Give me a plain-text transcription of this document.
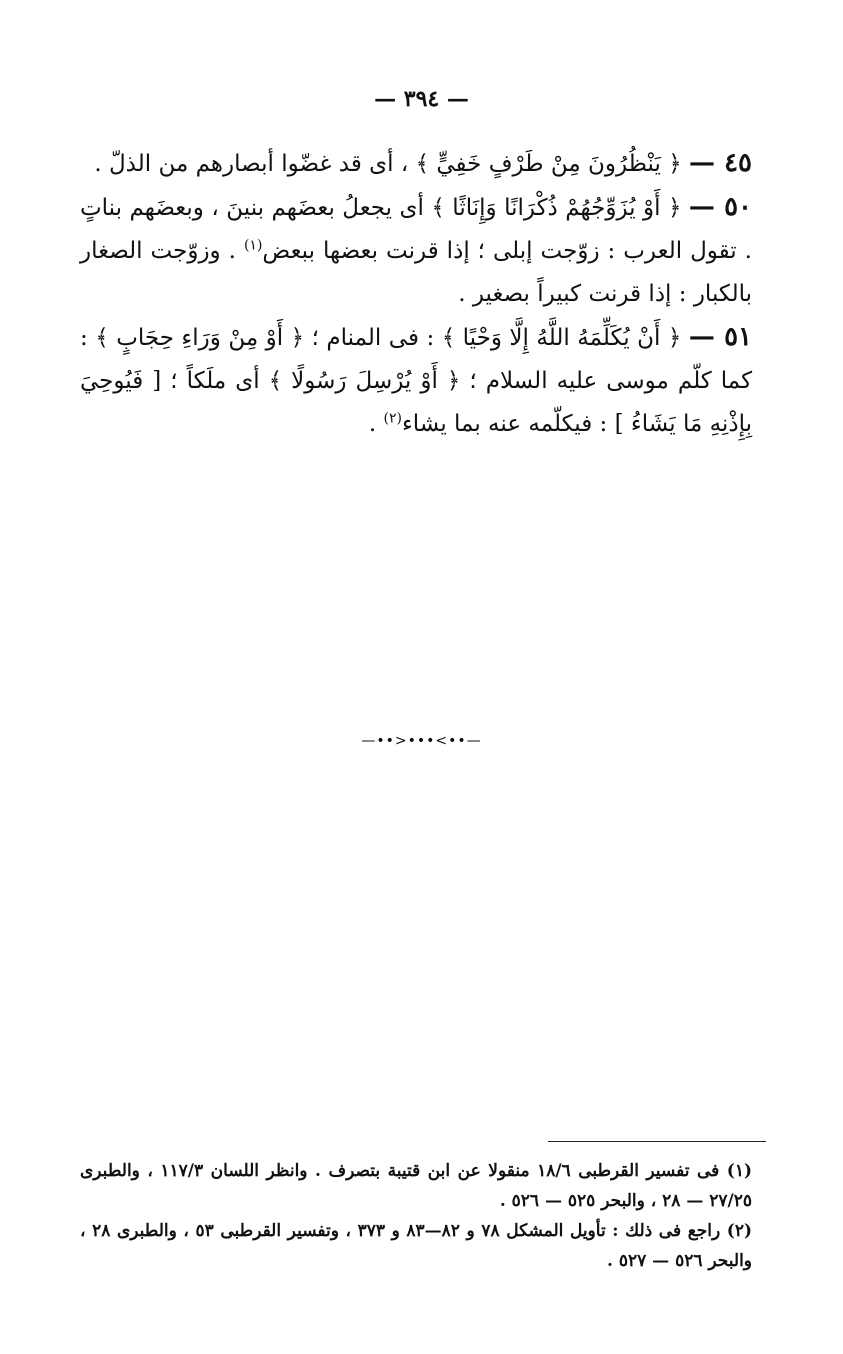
— ٣٩٤ —

٤٥ — ﴿ يَنْظُرُونَ مِنْ طَرْفٍ خَفِيٍّ ﴾ ، أى قد غضّوا أبصارهم من الذلّ .

٥٠ — ﴿ أَوْ يُزَوِّجُهُمْ ذُكْرَانًا وَإِنَاثًا ﴾ أى يجعلُ بعضَهم بنينَ ، وبعضَهم بناتٍ . تقول العرب : زوّجت إبلى ؛ إذا قرنت بعضها ببعض$^{(١)}$ . وزوّجت الصغار بالكبار : إذا قرنت كبيراً بصغير .

٥١ — ﴿ أَنْ يُكَلِّمَهُ اللَّهُ إِلَّا وَحْيًا ﴾ : فى المنام ؛ ﴿ أَوْ مِنْ وَرَاءِ حِجَابٍ ﴾ : كما كلّم موسى عليه السلام ؛ ﴿ أَوْ يُرْسِلَ رَسُولًا ﴾ أى ملَكاً ؛ [ فَيُوحِيَ بِإِذْنِهِ مَا يَشَاءُ ] : فيكلّمه عنه بما يشاء$^{(٢)}$ .

—••>•••<••—

(١) فى تفسير القرطبى ١٨/٦ منقولا عن ابن قتيبة بتصرف . وانظر اللسان ١١٧/٣ ، والطبرى ٢٧/٢٥ — ٢٨ ، والبحر ٥٢٥ — ٥٢٦ .

(٢) راجع فى ذلك : تأويل المشكل ٧٨ و ٨٢—٨٣ و ٣٧٣ ، وتفسير القرطبى ٥٣ ، والطبرى ٢٨ ، والبحر ٥٢٦ — ٥٢٧ .
